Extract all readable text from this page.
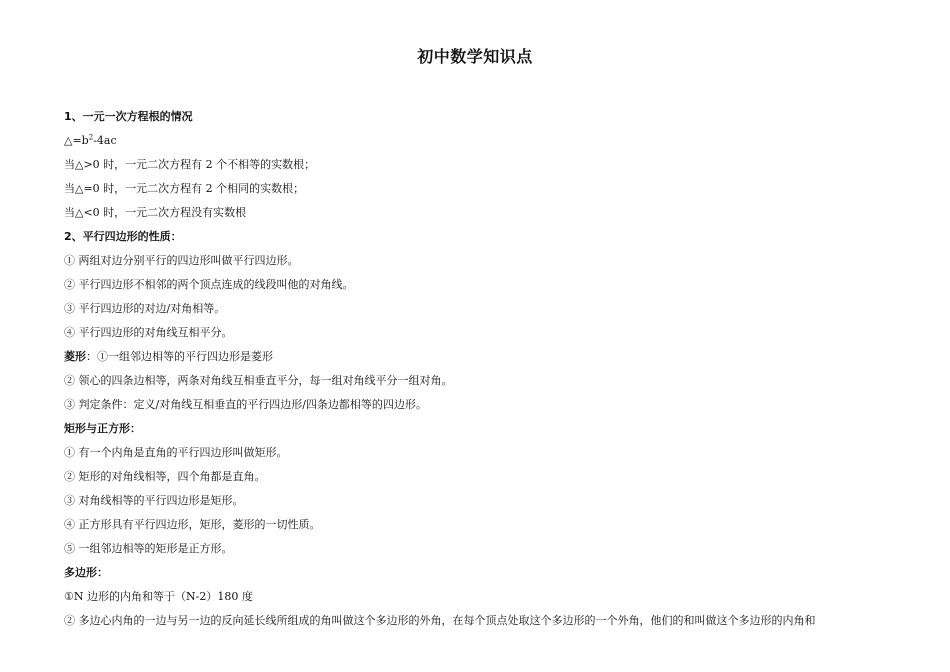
初中数学知识点
1、一元一次方程根的情况
$\triangle=b^2-4ac$
当△>0 时，一元二次方程有 2 个不相等的实数根；
当△=0 时，一元二次方程有 2 个相同的实数根；
当△<0 时，一元二次方程没有实数根
2、平行四边形的性质：
① 两组对边分别平行的四边形叫做平行四边形。
② 平行四边形不相邻的两个顶点连成的线段叫他的对角线。
③ 平行四边形的对边/对角相等。
④ 平行四边形的对角线互相平分。
菱形：①一组邻边相等的平行四边形是菱形
② 领心的四条边相等，两条对角线互相垂直平分，每一组对角线平分一组对角。
③ 判定条件：定义/对角线互相垂直的平行四边形/四条边都相等的四边形。
矩形与正方形：
① 有一个内角是直角的平行四边形叫做矩形。
② 矩形的对角线相等，四个角都是直角。
③ 对角线相等的平行四边形是矩形。
④ 正方形具有平行四边形，矩形，菱形的一切性质。
⑤ 一组邻边相等的矩形是正方形。
多边形：
①N 边形的内角和等于（N-2）180 度
② 多边心内角的一边与另一边的反向延长线所组成的角叫做这个多边形的外角，在每个顶点处取这个多边形的一个外角，他们的和叫做这个多边形的内角和
